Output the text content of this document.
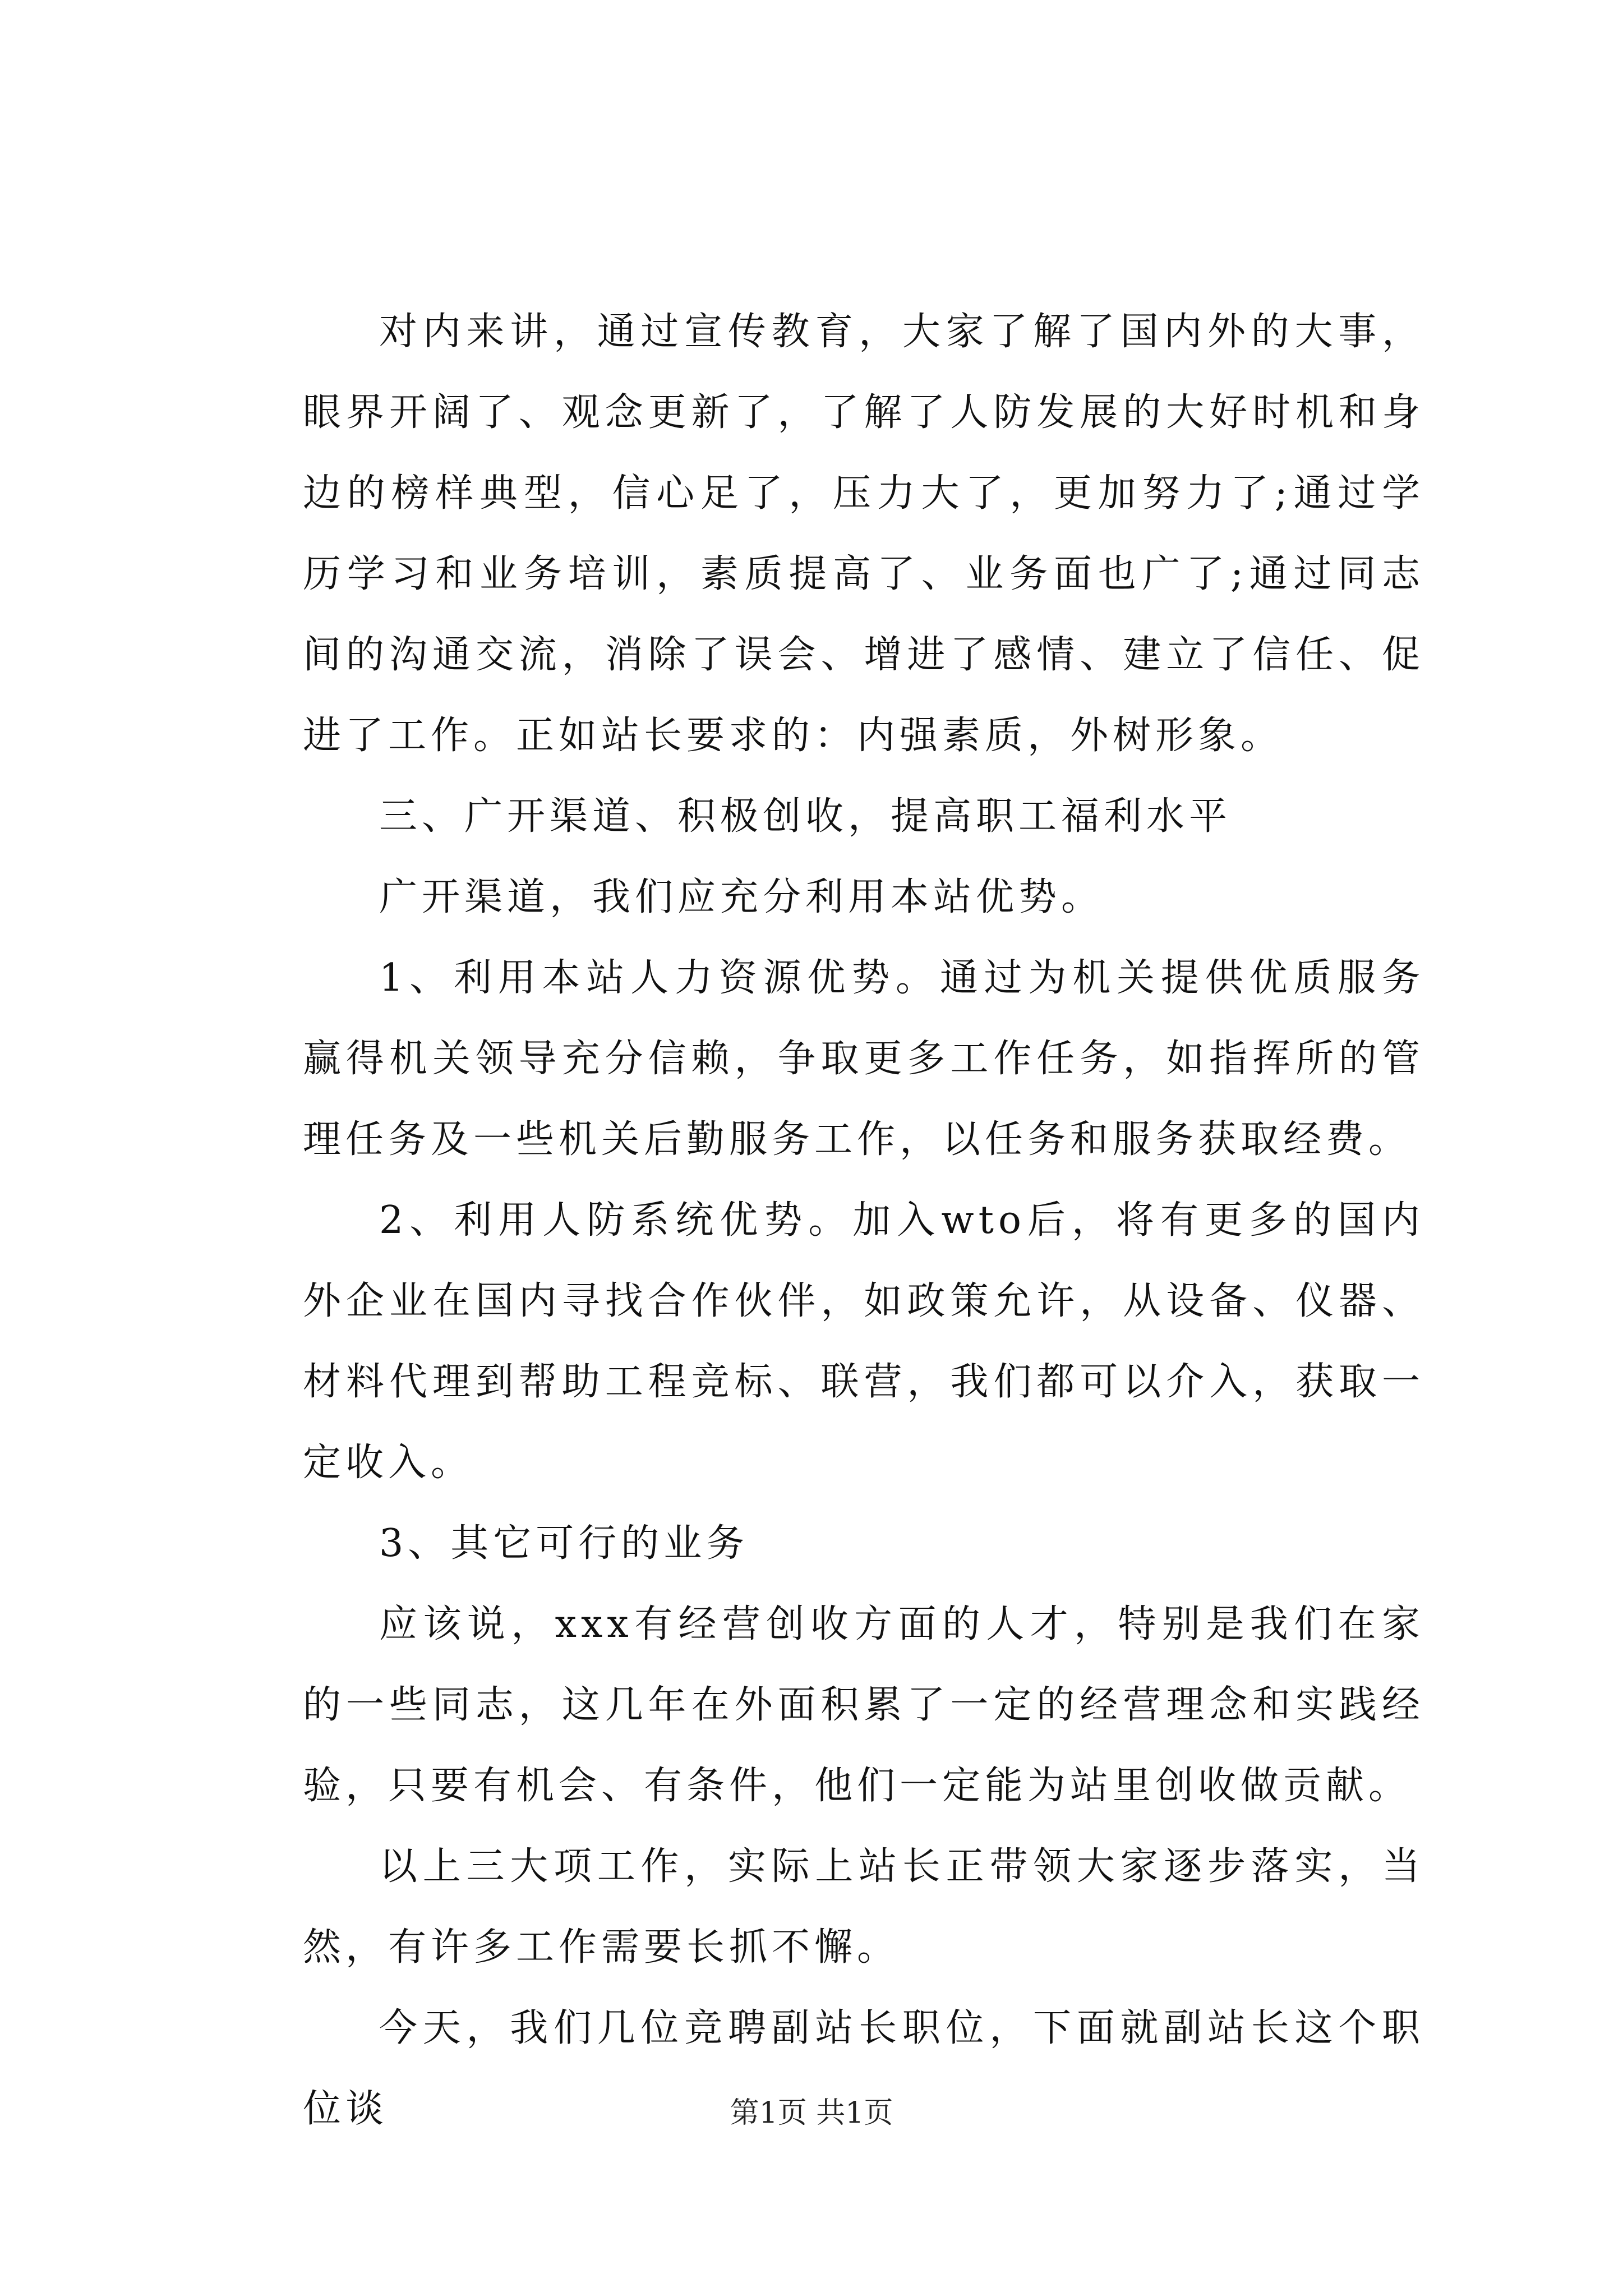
对内来讲，通过宣传教育，大家了解了国内外的大事，眼界开阔了、观念更新了，了解了人防发展的大好时机和身边的榜样典型，信心足了，压力大了，更加努力了;通过学历学习和业务培训，素质提高了、业务面也广了;通过同志间的沟通交流，消除了误会、增进了感情、建立了信任、促进了工作。正如站长要求的：内强素质，外树形象。

三、广开渠道、积极创收，提高职工福利水平

广开渠道，我们应充分利用本站优势。

1、利用本站人力资源优势。通过为机关提供优质服务赢得机关领导充分信赖，争取更多工作任务，如指挥所的管理任务及一些机关后勤服务工作，以任务和服务获取经费。

2、利用人防系统优势。加入wto后，将有更多的国内外企业在国内寻找合作伙伴，如政策允许，从设备、仪器、材料代理到帮助工程竞标、联营，我们都可以介入，获取一定收入。

3、其它可行的业务

应该说，xxx有经营创收方面的人才，特别是我们在家的一些同志，这几年在外面积累了一定的经营理念和实践经验，只要有机会、有条件，他们一定能为站里创收做贡献。

以上三大项工作，实际上站长正带领大家逐步落实，当然，有许多工作需要长抓不懈。

今天，我们几位竞聘副站长职位，下面就副站长这个职位谈	第1页 共1页
